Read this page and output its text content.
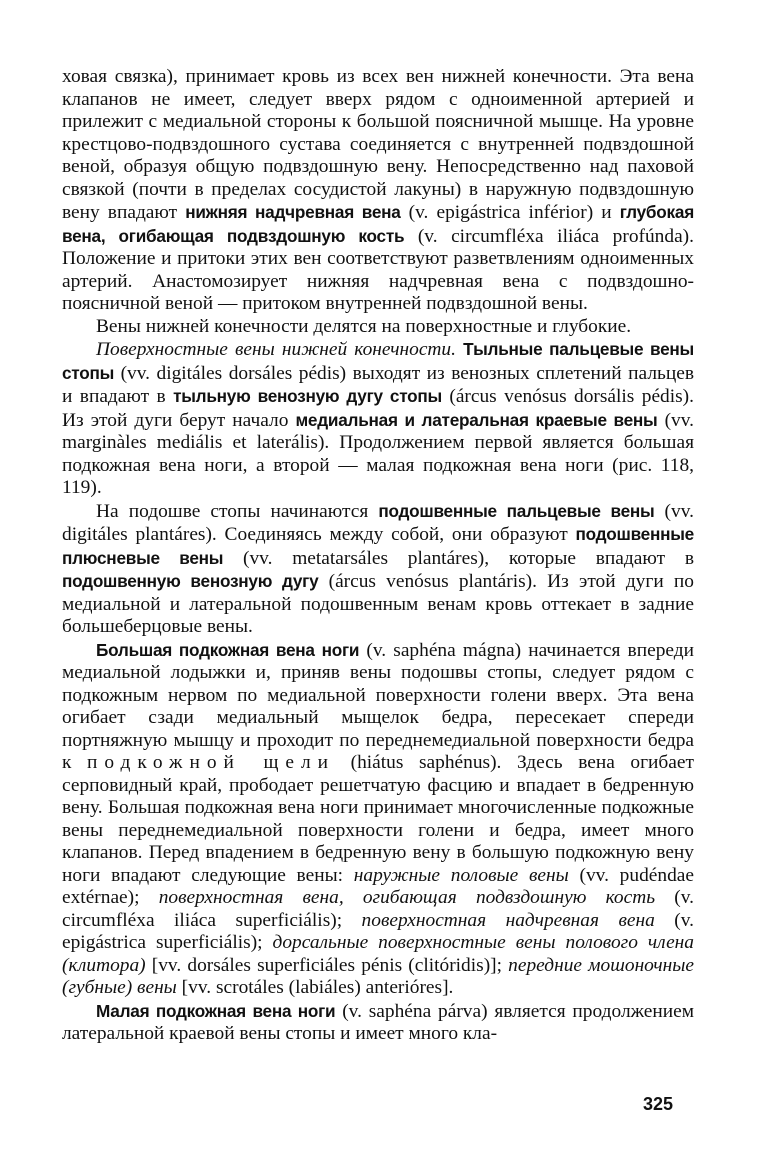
ховая связка), принимает кровь из всех вен нижней конечности. Эта вена клапанов не имеет, следует вверх рядом с одноименной артерией и прилежит с медиальной стороны к большой поясничной мышце. На уровне крестцово-подвздошного сустава соединяется с внутренней подвздошной веной, образуя общую подвздошную вену. Непосредственно над паховой связкой (почти в пределах сосудистой лакуны) в наружную подвздошную вену впадают нижняя надчревная вена (v. epigástrica inférior) и глубокая вена, огибающая подвздошную кость (v. circumfléxa iliáca profúnda). Положение и притоки этих вен соответствуют разветвлениям одноименных артерий. Анастомозирует нижняя надчревная вена с подвздошно-поясничной веной — притоком внутренней подвздошной вены.

Вены нижней конечности делятся на поверхностные и глубокие.

Поверхностные вены нижней конечности. Тыльные пальцевые вены стопы (vv. digitáles dorsáles pédis) выходят из венозных сплетений пальцев и впадают в тыльную венозную дугу стопы (árcus venósus dorsális pédis). Из этой дуги берут начало медиальная и латеральная краевые вены (vv. marginàles mediális et laterális). Продолжением первой является большая подкожная вена ноги, а второй — малая подкожная вена ноги (рис. 118, 119).

На подошве стопы начинаются подошвенные пальцевые вены (vv. digitáles plantáres). Соединяясь между собой, они образуют подошвенные плюсневые вены (vv. metatarsáles plantáres), которые впадают в подошвенную венозную дугу (árcus venósus plantáris). Из этой дуги по медиальной и латеральной подошвенным венам кровь оттекает в задние большеберцовые вены.

Большая подкожная вена ноги (v. saphéna mágna) начинается впереди медиальной лодыжки и, приняв вены подошвы стопы, следует рядом с подкожным нервом по медиальной поверхности голени вверх. Эта вена огибает сзади медиальный мыщелок бедра, пересекает спереди портняжную мышцу и проходит по переднемедиальной поверхности бедра к подкожной щели (hiátus saphénus). Здесь вена огибает серповидный край, прободает решетчатую фасцию и впадает в бедренную вену. Большая подкожная вена ноги принимает многочисленные подкожные вены переднемедиальной поверхности голени и бедра, имеет много клапанов. Перед впадением в бедренную вену в большую подкожную вену ноги впадают следующие вены: наружные половые вены (vv. pudéndae extérnae); поверхностная вена, огибающая подвздошную кость (v. circumfléxa iliáca superficiális); поверхностная надчревная вена (v. epigástrica superficiális); дорсальные поверхностные вены полового члена (клитора) [vv. dorsáles superficiáles pénis (clitóridis)]; передние мошоночные (губные) вены [vv. scrotáles (labiáles) anterióres].

Малая подкожная вена ноги (v. saphéna párva) является продолжением латеральной краевой вены стопы и имеет много кла-

325
